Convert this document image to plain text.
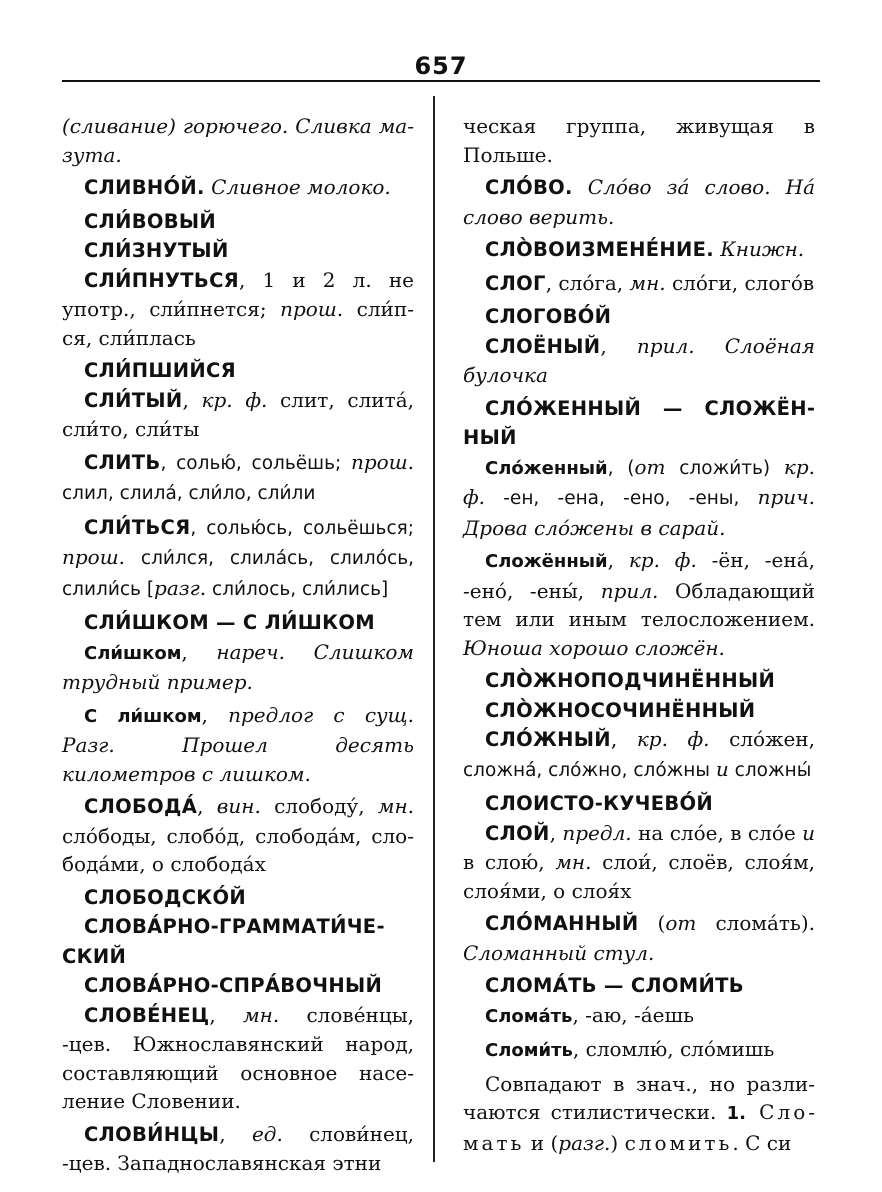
657

(сливание) горючего. Сливка мазута.

СЛИВНО́Й. Сливное молоко.

СЛИ́ВОВЫЙ

СЛИ́ЗНУТЫЙ

СЛИ́ПНУТЬСЯ, 1 и 2 л. не употр., сли́пнется; прош. сли́пся, сли́плась

СЛИ́ПШИЙСЯ

СЛИ́ТЫЙ, кр. ф. слит, слита́, сли́то, сли́ты

СЛИТЬ, солью́, сольёшь; прош. слил, слила́, сли́ло, сли́ли

СЛИ́ТЬСЯ, солью́сь, сольёшься; прош. сли́лся, слила́сь, слило́сь, слили́сь [разг. сли́лось, сли́лись]

СЛИ́ШКОМ — С ЛИ́ШКОМ

Сли́шком, нареч. Слишком трудный пример.

С ли́шком, предлог с сущ. Разг. Прошел десять километров с лишком.

СЛОБОДА́, вин. слободу́, мн. сло́боды, слобо́д, слобода́м, слобода́ми, о слобода́х

СЛОБОДСКО́Й

СЛОВА́РНО-ГРАММАТИ́ЧЕСКИЙ

СЛОВА́РНО-СПРА́ВОЧНЫЙ

СЛОВЕ́НЕЦ, мн. слове́нцы, -цев. Южнославянский народ, составляющий основное население Словении.

СЛОВИ́НЦЫ, ед. слови́нец, -цев. Западнославянская этни

ческая группа, живущая в Польше.

СЛО́ВО. Сло́во за́ слово. На́ слово верить.

СЛО̀ВОИЗМЕНЕ́НИЕ. Книжн.

СЛОГ, сло́га, мн. сло́ги, слого́в

СЛОГОВО́Й

СЛОЁНЫЙ, прил. Слоёная булочка

СЛО́ЖЕННЫЙ — СЛОЖЁННЫЙ

Сло́женный, (от сложи́ть) кр. ф. -ен, -ена, -ено, -ены, прич. Дрова сло́жены в сарай.

Сложённый, кр. ф. -ён, -ена́, -ено́, -ены́, прил. Обладающий тем или иным телосложением. Юноша хорошо сложён.

СЛО̀ЖНОПОДЧИНЁННЫЙ

СЛО̀ЖНОСОЧИНЁННЫЙ

СЛО́ЖНЫЙ, кр. ф. сло́жен, сложна́, сло́жно, сло́жны и сложны́

СЛОИСТО-КУЧЕВО́Й

СЛОЙ, предл. на сло́е, в сло́е и в слою́, мн. слои́, слоёв, слоя́м, слоя́ми, о слоя́х

СЛО́МАННЫЙ (от слома́ть). Сломанный стул.

СЛОМА́ТЬ — СЛОМИ́ТЬ

Слома́ть, -аю, -а́ешь

Сломи́ть, сломлю́, сло́мишь

Совпадают в знач., но различаются стилистически. 1. Сломать и (разг.) сломить. С си
